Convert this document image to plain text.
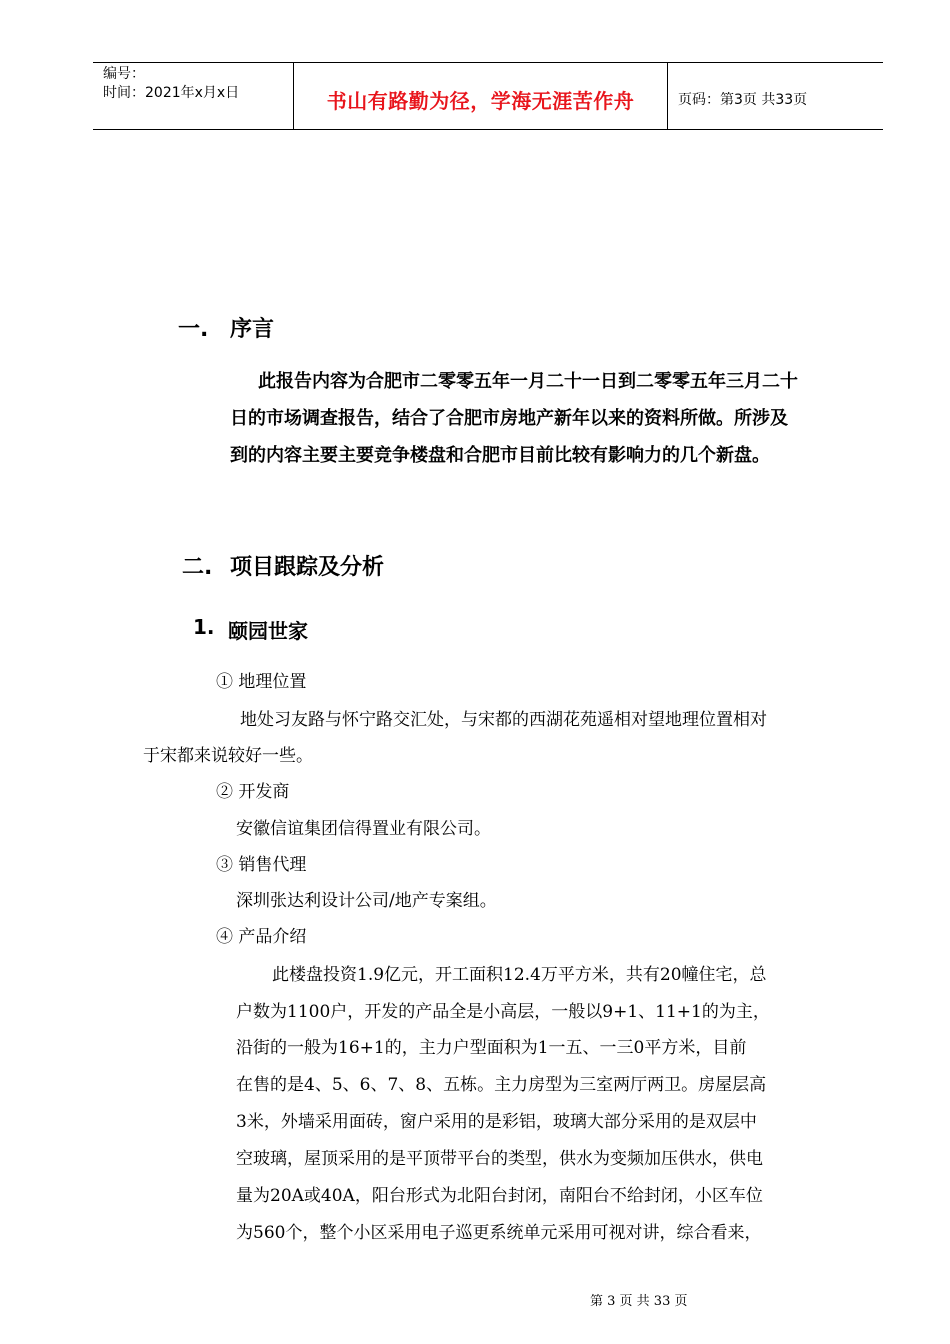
编号：
时间：2021年x月x日	书山有路勤为径，学海无涯苦作舟	页码：第3页 共33页
一. 序言
此报告内容为合肥市二零零五年一月二十一日到二零零五年三月二十
日的市场调查报告，结合了合肥市房地产新年以来的资料所做。所涉及
到的内容主要主要竞争楼盘和合肥市目前比较有影响力的几个新盘。
二. 项目跟踪及分析
1. 颐园世家
① 地理位置
地处习友路与怀宁路交汇处，与宋都的西湖花苑遥相对望地理位置相对
于宋都来说较好一些。
② 开发商
安徽信谊集团信得置业有限公司。
③ 销售代理
深圳张达利设计公司/地产专案组。
④ 产品介绍
此楼盘投资1.9亿元，开工面积12.4万平方米，共有20幢住宅，总
户数为1100户，开发的产品全是小高层，一般以9+1、11+1的为主，
沿街的一般为16+1的，主力户型面积为1一五、一三0平方米，目前
在售的是4、5、6、7、8、五栋。主力房型为三室两厅两卫。房屋层高
3米，外墙采用面砖，窗户采用的是彩铝，玻璃大部分采用的是双层中
空玻璃，屋顶采用的是平顶带平台的类型，供水为变频加压供水，供电
量为20A或40A，阳台形式为北阳台封闭，南阳台不给封闭，小区车位
为560个，整个小区采用电子巡更系统单元采用可视对讲，综合看来，
第 3 页 共 33 页
